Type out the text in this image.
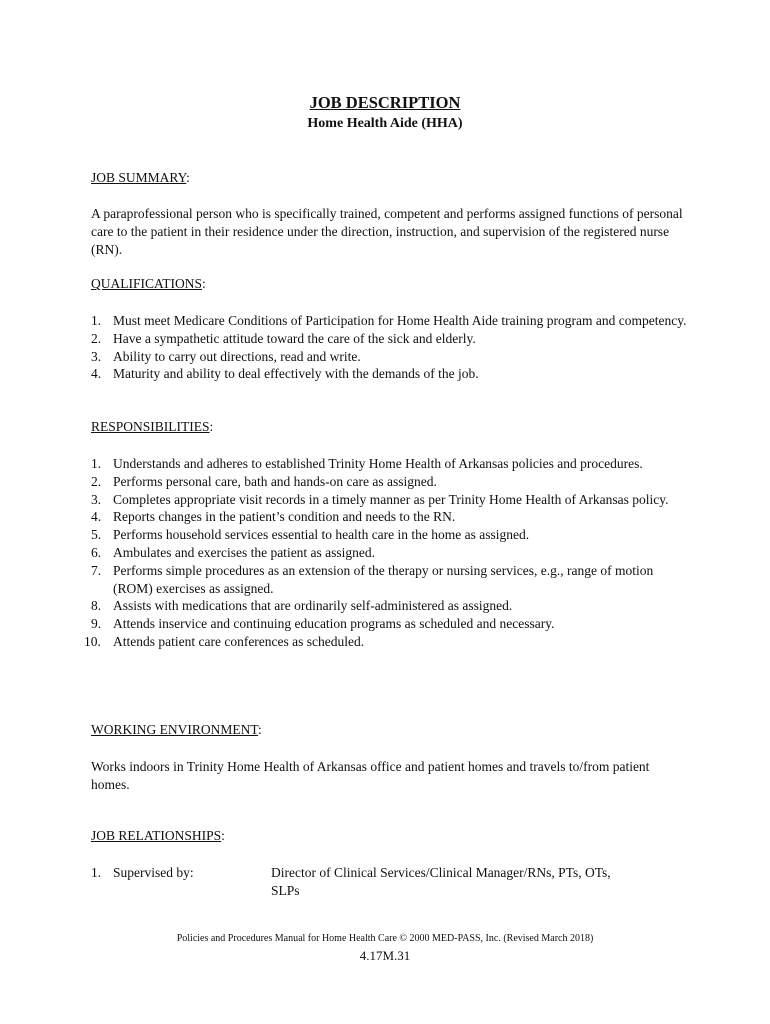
JOB DESCRIPTION
Home Health Aide (HHA)

JOB SUMMARY:

A paraprofessional person who is specifically trained, competent and performs assigned functions of personal care to the patient in their residence under the direction, instruction, and supervision of the registered nurse (RN).

QUALIFICATIONS:

1. Must meet Medicare Conditions of Participation for Home Health Aide training program and competency.
2. Have a sympathetic attitude toward the care of the sick and elderly.
3. Ability to carry out directions, read and write.
4. Maturity and ability to deal effectively with the demands of the job.

RESPONSIBILITIES:

1. Understands and adheres to established Trinity Home Health of Arkansas policies and procedures.
2. Performs personal care, bath and hands-on care as assigned.
3. Completes appropriate visit records in a timely manner as per Trinity Home Health of Arkansas policy.
4. Reports changes in the patient’s condition and needs to the RN.
5. Performs household services essential to health care in the home as assigned.
6. Ambulates and exercises the patient as assigned.
7. Performs simple procedures as an extension of the therapy or nursing services, e.g., range of motion (ROM) exercises as assigned.
8. Assists with medications that are ordinarily self-administered as assigned.
9. Attends inservice and continuing education programs as scheduled and necessary.
10. Attends patient care conferences as scheduled.

WORKING ENVIRONMENT:

Works indoors in Trinity Home Health of Arkansas office and patient homes and travels to/from patient homes.

JOB RELATIONSHIPS:

1. Supervised by:	Director of Clinical Services/Clinical Manager/RNs, PTs, OTs, SLPs

Policies and Procedures Manual for Home Health Care © 2000 MED-PASS, Inc. (Revised March 2018)

4.17M.31
